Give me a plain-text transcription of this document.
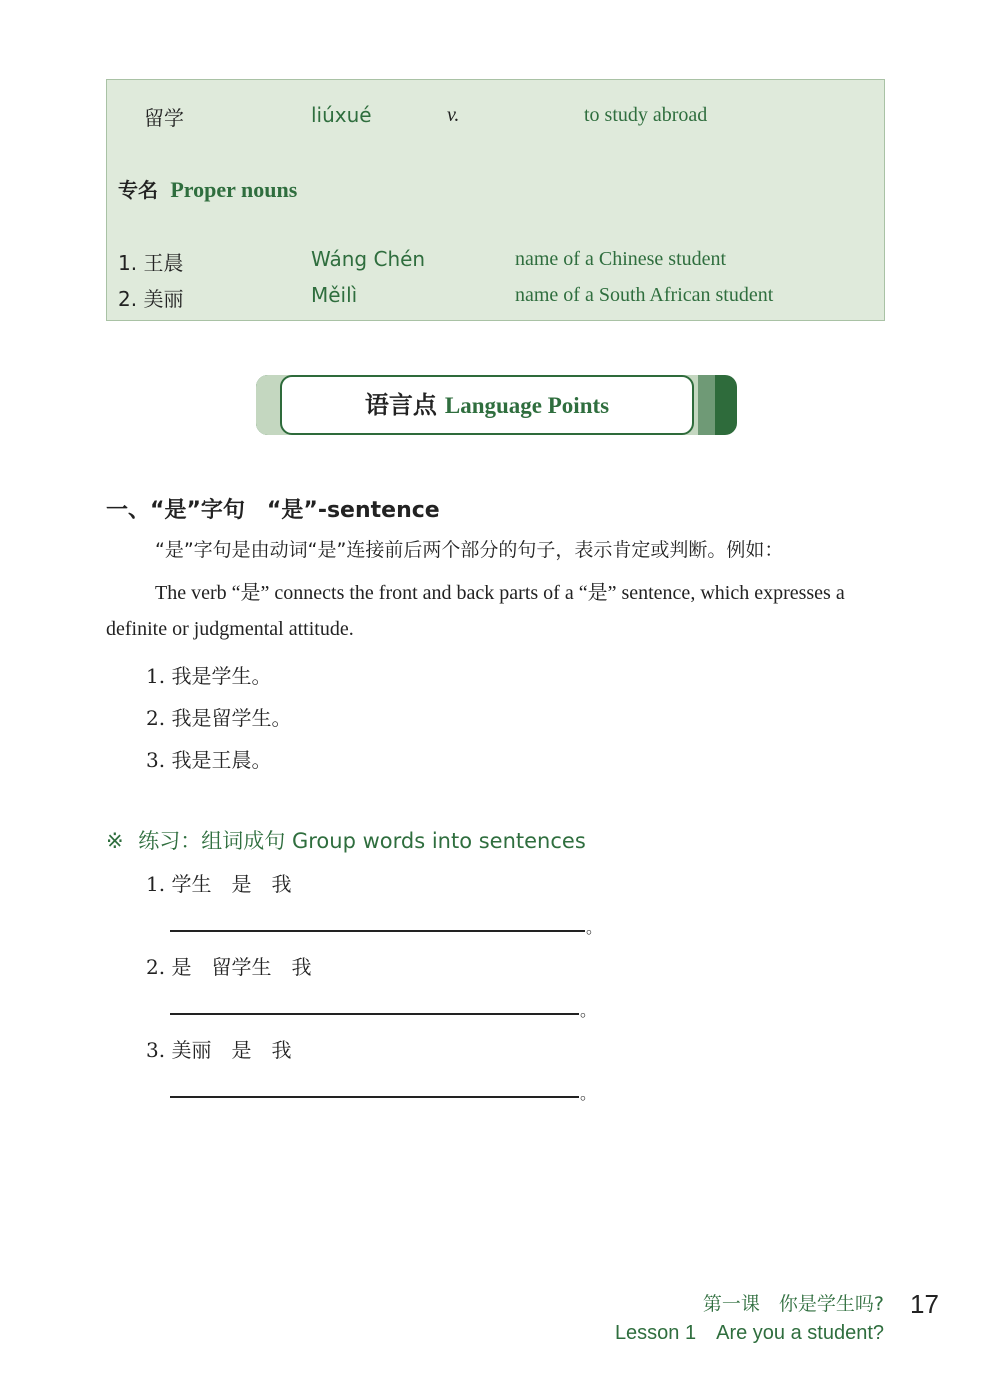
留学	liúxué	v.	to study abroad
专名 Proper nouns
1. 王晨	Wáng Chén	name of a Chinese student
2. 美丽	Měilì	name of a South African student
语言点 Language Points
一、“是”字句　“是”-sentence
“是”字句是由动词“是”连接前后两个部分的句子，表示肯定或判断。例如：
The verb “是” connects the front and back parts of a “是” sentence, which expresses a
definite or judgmental attitude.
1. 我是学生。
2. 我是留学生。
3. 我是王晨。
※ 练习：组词成句 Group words into sentences
1. 学生　是　我
。
2. 是　留学生　我
。
3. 美丽　是　我
。
第一课　你是学生吗?
Lesson 1　Are you a student?
17
